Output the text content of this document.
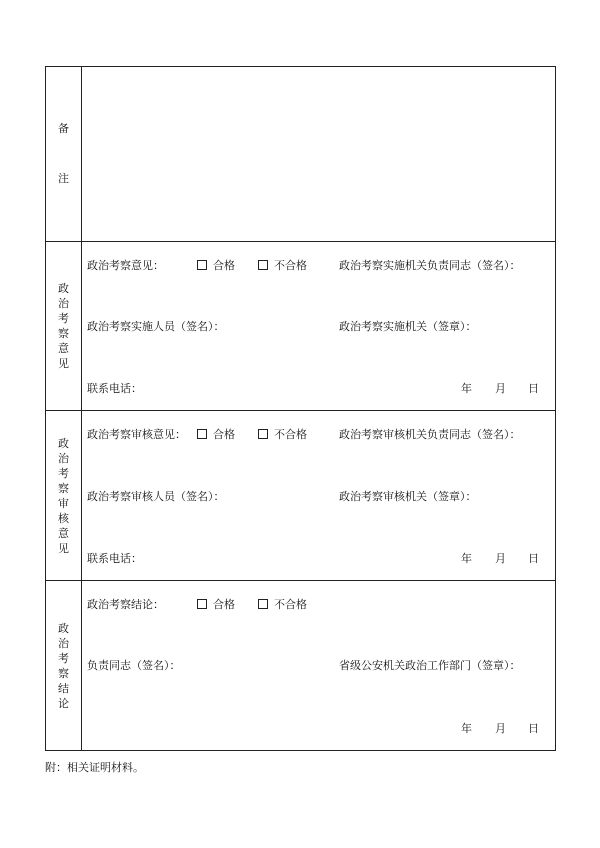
备
注
政
治
考
察
意
见
政治考察意见：	合格	不合格	政治考察实施机关负责同志（签名）：
政治考察实施人员（签名）：	政治考察实施机关（签章）：
联系电话：	年 月 日
政
治
考
察
审
核
意
见
政治考察审核意见：	合格	不合格	政治考察审核机关负责同志（签名）：
政治考察审核人员（签名）：	政治考察审核机关（签章）：
联系电话：	年 月 日
政
治
考
察
结
论
政治考察结论：	合格	不合格
负责同志（签名）：	省级公安机关政治工作部门（签章）：
年 月 日
附：相关证明材料。
